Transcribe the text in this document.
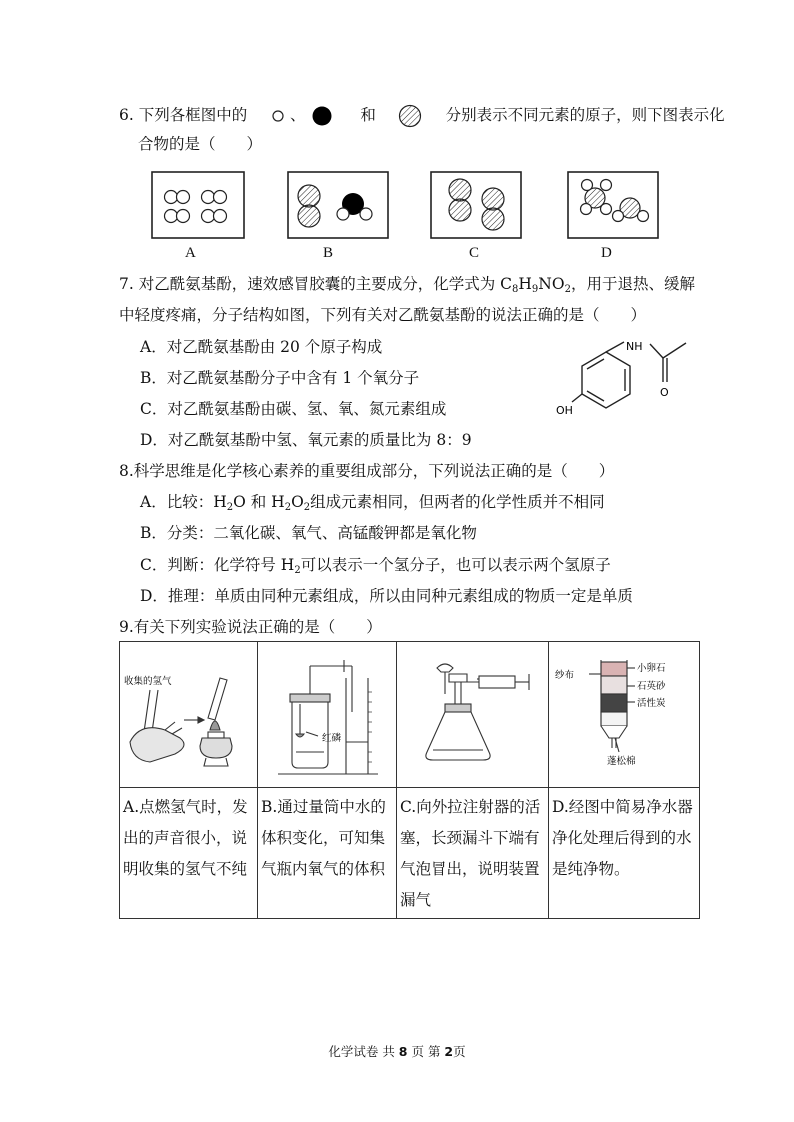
6. 下列各框图中的	、	和	分别表示不同元素的原子，则下图表示化
合物的是（　　）
A	B	C	D
7. 对乙酰氨基酚，速效感冒胶囊的主要成分，化学式为 $C_8H_9NO_2$，用于退热、缓解
中轻度疼痛，分子结构如图，下列有关对乙酰氨基酚的说法正确的是（　　）
A．对乙酰氨基酚由 20 个原子构成
B．对乙酰氨基酚分子中含有 1 个氧分子
C．对乙酰氨基酚由碳、氢、氧、氮元素组成
D．对乙酰氨基酚中氢、氧元素的质量比为 8：9
NH
O
OH
8.科学思维是化学核心素养的重要组成部分，下列说法正确的是（　　）
A．比较：$H_2O$ 和 $H_2O_2$组成元素相同，但两者的化学性质并不相同
B．分类：二氧化碳、氧气、高锰酸钾都是氧化物
C．判断：化学符号 $H_2$可以表示一个氢分子，也可以表示两个氢原子
D．推理：单质由同种元素组成，所以由同种元素组成的物质一定是单质
9.有关下列实验说法正确的是（　　）
收集的氢气	红磷		纱布
小卵石
石英砂
活性炭
蓬松棉

A.点燃氢气时，发出的声音很小，说明收集的氢气不纯	B.通过量筒中水的体积变化，可知集气瓶内氧气的体积	C.向外拉注射器的活塞，长颈漏斗下端有气泡冒出，说明装置漏气	D.经图中简易净水器净化处理后得到的水是纯净物。
化学试卷 共 8 页 第 2页
